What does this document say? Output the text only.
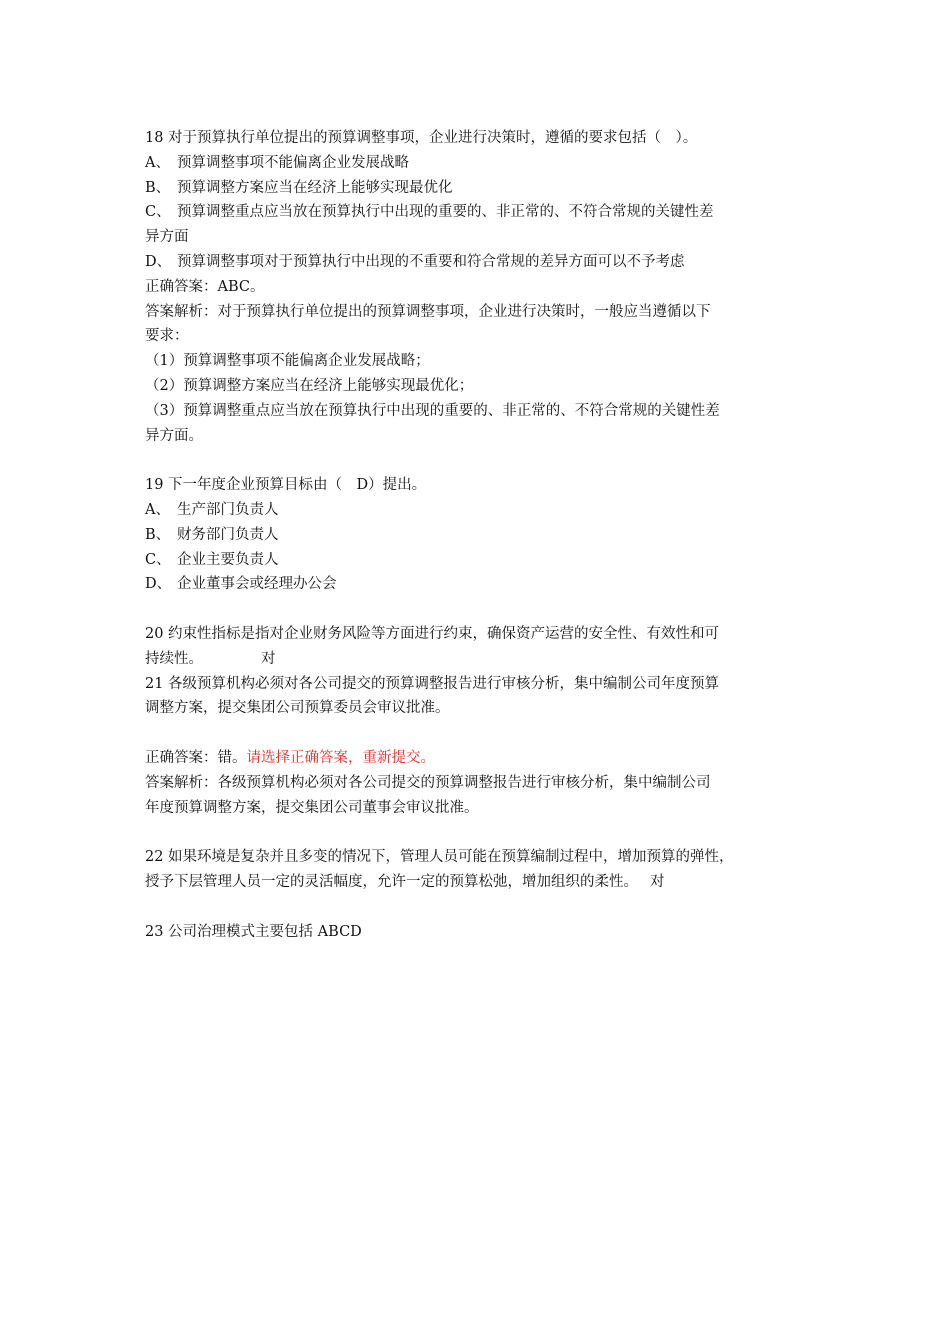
18 对于预算执行单位提出的预算调整事项，企业进行决策时，遵循的要求包括（　）。
A、 预算调整事项不能偏离企业发展战略
B、 预算调整方案应当在经济上能够实现最优化
C、 预算调整重点应当放在预算执行中出现的重要的、非正常的、不符合常规的关键性差
异方面
D、 预算调整事项对于预算执行中出现的不重要和符合常规的差异方面可以不予考虑
正确答案：ABC。
答案解析：对于预算执行单位提出的预算调整事项，企业进行决策时，一般应当遵循以下
要求：
（1）预算调整事项不能偏离企业发展战略；
（2）预算调整方案应当在经济上能够实现最优化；
（3）预算调整重点应当放在预算执行中出现的重要的、非正常的、不符合常规的关键性差
异方面。
19 下一年度企业预算目标由（　D）提出。
A、 生产部门负责人
B、 财务部门负责人
C、 企业主要负责人
D、 企业董事会或经理办公会
20 约束性指标是指对企业财务风险等方面进行约束，确保资产运营的安全性、有效性和可
持续性。	对
21 各级预算机构必须对各公司提交的预算调整报告进行审核分析，集中编制公司年度预算
调整方案，提交集团公司预算委员会审议批准。
正确答案：错。请选择正确答案，重新提交。
答案解析：各级预算机构必须对各公司提交的预算调整报告进行审核分析，集中编制公司
年度预算调整方案，提交集团公司董事会审议批准。
22 如果环境是复杂并且多变的情况下，管理人员可能在预算编制过程中，增加预算的弹性，
授予下层管理人员一定的灵活幅度，允许一定的预算松弛，增加组织的柔性。 对
23 公司治理模式主要包括 ABCD
